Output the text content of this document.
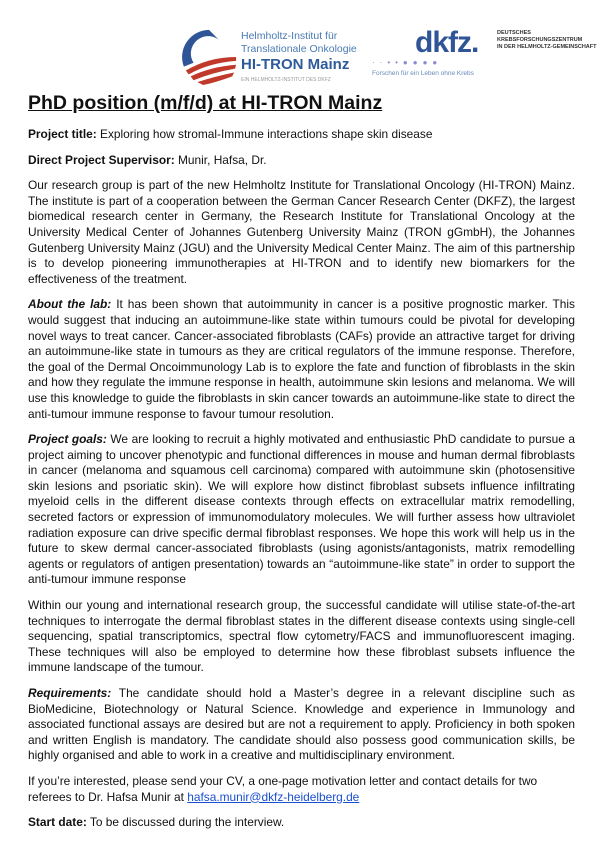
Helmholtz-Institut für
Translationale Onkologie
HI-TRON Mainz
EIN HELMHOLTZ-INSTITUT DES DKFZ
dkfz.	DEUTSCHES
KREBSFORSCHUNGSZENTRUM
IN DER HELMHOLTZ-GEMEINSCHAFT
··••●●●●
Forschen für ein Leben ohne Krebs
PhD position (m/f/d) at HI-TRON Mainz

Project title: Exploring how stromal-Immune interactions shape skin disease

Direct Project Supervisor: Munir, Hafsa, Dr.

Our research group is part of the new Helmholtz Institute for Translational Oncology (HI-TRON) Mainz. The institute is part of a cooperation between the German Cancer Research Center (DKFZ), the largest biomedical research center in Germany, the Research Institute for Translational Oncology at the University Medical Center of Johannes Gutenberg University Mainz (TRON gGmbH), the Johannes Gutenberg University Mainz (JGU) and the University Medical Center Mainz. The aim of this partnership is to develop pioneering immunotherapies at HI-TRON and to identify new biomarkers for the effectiveness of the treatment.

About the lab: It has been shown that autoimmunity in cancer is a positive prognostic marker. This would suggest that inducing an autoimmune-like state within tumours could be pivotal for developing novel ways to treat cancer. Cancer-associated fibroblasts (CAFs) provide an attractive target for driving an autoimmune-like state in tumours as they are critical regulators of the immune response. Therefore, the goal of the Dermal Oncoimmunology Lab is to explore the fate and function of fibroblasts in the skin and how they regulate the immune response in health, autoimmune skin lesions and melanoma. We will use this knowledge to guide the fibroblasts in skin cancer towards an autoimmune-like state to direct the anti-tumour immune response to favour tumour resolution.

Project goals: We are looking to recruit a highly motivated and enthusiastic PhD candidate to pursue a project aiming to uncover phenotypic and functional differences in mouse and human dermal fibroblasts in cancer (melanoma and squamous cell carcinoma) compared with autoimmune skin (photosensitive skin lesions and psoriatic skin). We will explore how distinct fibroblast subsets influence infiltrating myeloid cells in the different disease contexts through effects on extracellular matrix remodelling, secreted factors or expression of immunomodulatory molecules. We will further assess how ultraviolet radiation exposure can drive specific dermal fibroblast responses. We hope this work will help us in the future to skew dermal cancer-associated fibroblasts (using agonists/antagonists, matrix remodelling agents or regulators of antigen presentation) towards an “autoimmune-like state” in order to support the anti-tumour immune response

Within our young and international research group, the successful candidate will utilise state-of-the-art techniques to interrogate the dermal fibroblast states in the different disease contexts using single-cell sequencing, spatial transcriptomics, spectral flow cytometry/FACS and immunofluorescent imaging. These techniques will also be employed to determine how these fibroblast subsets influence the immune landscape of the tumour.

Requirements: The candidate should hold a Master’s degree in a relevant discipline such as BioMedicine, Biotechnology or Natural Science. Knowledge and experience in Immunology and associated functional assays are desired but are not a requirement to apply. Proficiency in both spoken and written English is mandatory. The candidate should also possess good communication skills, be highly organised and able to work in a creative and multidisciplinary environment.

If you’re interested, please send your CV, a one-page motivation letter and contact details for two referees to Dr. Hafsa Munir at hafsa.munir@dkfz-heidelberg.de

Start date: To be discussed during the interview.
